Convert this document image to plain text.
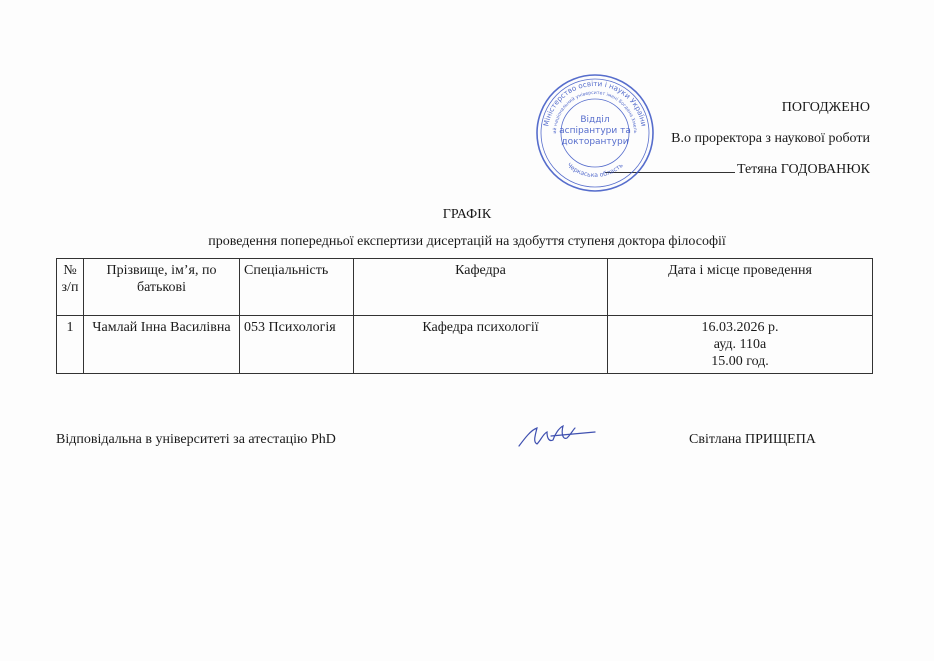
ПОГОДЖЕНО
В.о проректора з наукової роботи
Тетяна ГОДОВАНЮК
Міністерство освіти і науки України
ий національний університет імені Богдана Хмель
Черкаська область
Відділ
аспірантури та
докторантури
ГРАФІК
проведення попередньої експертизи дисертацій на здобуття ступеня доктора філософії
№ з/п	Прізвище, ім’я, по батькові	Спеціальність	Кафедра	Дата і місце проведення
1	Чамлай Інна Василівна	053 Психологія	Кафедра психології	16.03.2026 р.
ауд. 110а
15.00 год.
Відповідальна в університеті за атестацію PhD	Світлана ПРИЩЕПА
